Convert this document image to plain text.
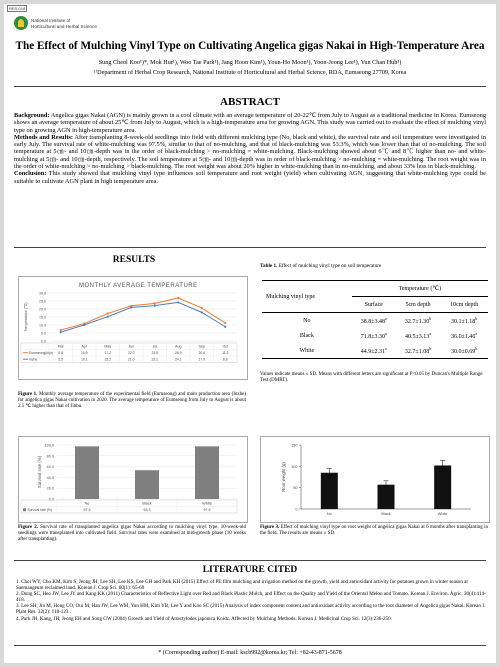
RES-016
National Institute of
Horticultural and Herbal Science
The Effect of Mulching Vinyl Type on Cultivating Angelica gigas Nakai in High-Temperature Area
Sung Cheol Koo¹)*, Mok Hur¹), Woo Tae Park¹), Jang Hoon Kim¹), Youn-Ho Moon¹), Yoon-Jeong Lee¹), Yun Chan Huh¹)
¹⁾Department of Herbal Crop Research, National Institute of Horticultural and Herbal Science, RDA, Eumseong 27709, Korea
ABSTRACT

Background: Angelica gigas Nakai (AGN) is mainly grown in a cool climate with an average temperature of 20-22℃ from July to August as a traditional medicine in Korea. Eumseong shows an average temperature of about 25℃ from July to August, which is a high-temperature area for growing AGN. This study was carried out to evaluate the effect of mulching vinyl type on growing AGN in high-temperature area.

Methods and Results: After transplanting 8-week-old seedlings into field with different mulching type (No, black and white), the survival rate and soil temperature were investigated in early July. The survival rate of white-mulching was 97.5%, similar to that of no-mulching, and that of black-mulching was 53.3%, which was lower than that of no-mulching. The soil temperature at 5㎝- and 10㎝-depth was in the order of black-mulching > no-mulching = white-mulching. Black-mulching showed about 6℃ and 8℃ higher than no- and white-mulching at 5㎝- and 10㎝-depth, respectively. The soil temperature at 5㎝- and 10㎝-depth was in order of black-mulching > no-mulching = white-mulching. The root weight was in the order of white-mulching > no-mulching > black-mulching. The root weight was about 20% higher in white-mulching than in no-mulching, and about 33% less in black-mulching.

Conclusion: This study showed that mulching vinyl type influences soil temperature and root weight (yield) when cultivating AGN, suggesting that white-mulching type could be suitable to cultivate AGN plant in high temperature area.

RESULTS
MONTHLY AVERAGE TEMPERATURE
0.0
5.0
10.0
15.0
20.0
25.0
30.0
Temperature (℃)
Mar	Apr	May	Jun	Jul	Aug	Sep	Oct
Eumseong(Inju) 6.8	10.9	17.2	22.0	23.5	26.9	20.6	11.3
Inzhe	5.5	10.1	15.2	21.0	22.1	24.1	17.9	8.9
Figure 1. Monthly average temperature of the experimental field (Eumseong) and main production area (Inzhe) for angelica gigas Nakai cultivation in 2020. The average temperature of Eumseong from July to August is about 2.5 ℃ higher than that of Jinbu.
Table 1. Effect of mulching vinyl type on soil temperature
Mulching vinyl type	Temperature (℃)		
	Surface	5cm depth	10cm depth
No	38.8±3.48$^a$	32.7±1.30$^b$	30.1±1.18$^b$
Black	71.8±3.30$^a$	40.5±3.13$^a$	36.0±1.46$^a$
White	44.9±2.31$^a$	32.7±1.08$^b$	30.0±0.69$^b$
Values indicate means ± SD. Means with different letters are significant at P<0.05 by Duncan's Multiple Range Test (DMRT).
0.0
20.0
40.0
60.0
80.0
100.0
Survival rate (%)
No
97.5
Black
53.3
White
97.5
Survival rate (%)	0
50
100
150
Root weight (g)
No	Black	White
Figure 2. Survival rate of transplanted angelica gigas Nakai according to mulching vinyl type. 10-week-old seedlings were transplanted into cultivated field. Survival rates were examined at mid-growth phase (10 weeks after transplanting).
Figure 3. Effect of mulching vinyl type on root weight of angelica gigas Nakai at 6 months after transplanting in the field. The results are means ± SD.
LITERATURE CITED
1. Choi WY, Cho KM, Kim S, Jeong JH, Lee SH, Lee KS, Lee GH and Park KH (2015) Effect of PE film mulching and irrigation method on the growth, yield and antioxidant activity for potatoes grown in winter season at Saemangeum reclaimed land. Korean J. Crop Sci. 60(1): 65-69
2. Dong SC, Heo JW, Lee JY and Kang KK (2011) Characteristics of Reflective Light over Red and Black Plastic Mulch, and Effect on the Quality and Yield of the Oriental Melon and Tomato. Korean J. Environ. Agric. 30(4):414-418.
3. Lee SH, Jin M, Hong CO, Oui M, Han JW, Lee WM, Yun HM, Kim YB, Lee Y and Koo SC (2015) Analysis of index component content and antioxidant activity according to the root diameter of Angelica gigas Nakai. Korean J. Plant Res. 32(2): 118-123 .
4. Park JH, Kang, JH, Jeong EH and Song GW (2004) Growth and Yield of Atractylodes japonica Koidz. Affected by Mulching Methods. Korean J. Medicinal Crop Sci. 12(3):236-250.
* (Corresponding author) E-mail: kscb992@korea.kr; Tel: +82-43-871-5678
